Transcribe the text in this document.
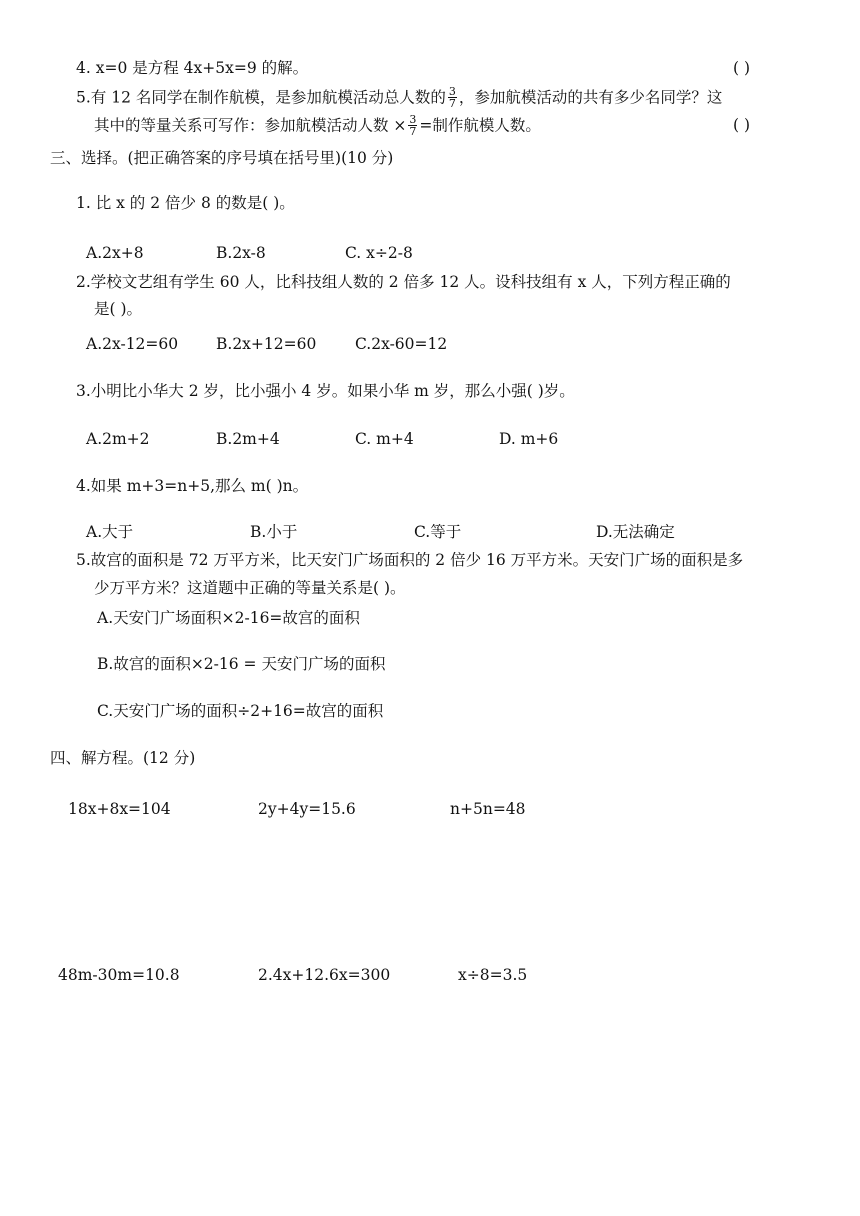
4. x=0 是方程 4x+5x=9 的解。	( )
5.有 12 名同学在制作航模，是参加航模活动总人数的 $\frac{3}{7}$ ，参加航模活动的共有多少名同学？这
其中的等量关系可写作：参加航模活动人数 × $\frac{3}{7}$ =制作航模人数。	( )
三、选择。(把正确答案的序号填在括号里)(10 分)
1. 比 x 的 2 倍少 8 的数是( )。
A.2x+8	B.2x-8	C. x÷2-8
2.学校文艺组有学生 60 人，比科技组人数的 2 倍多 12 人。设科技组有 x 人，下列方程正确的
是( )。
A.2x-12=60 B.2x+12=60 C.2x-60=12
3.小明比小华大 2 岁，比小强小 4 岁。如果小华 m 岁，那么小强( )岁。
A.2m+2	B.2m+4	C. m+4	D. m+6
4.如果 m+3=n+5,那么 m( )n。
A.大于	B.小于	C.等于	D.无法确定
5.故宫的面积是 72 万平方米，比天安门广场面积的 2 倍少 16 万平方米。天安门广场的面积是多
少万平方米？这道题中正确的等量关系是( )。
A.天安门广场面积×2-16=故宫的面积
B.故宫的面积×2-16 = 天安门广场的面积
C.天安门广场的面积÷2+16=故宫的面积
四、解方程。(12 分)
18x+8x=104	2y+4y=15.6	n+5n=48
48m-30m=10.8	2.4x+12.6x=300	x÷8=3.5
